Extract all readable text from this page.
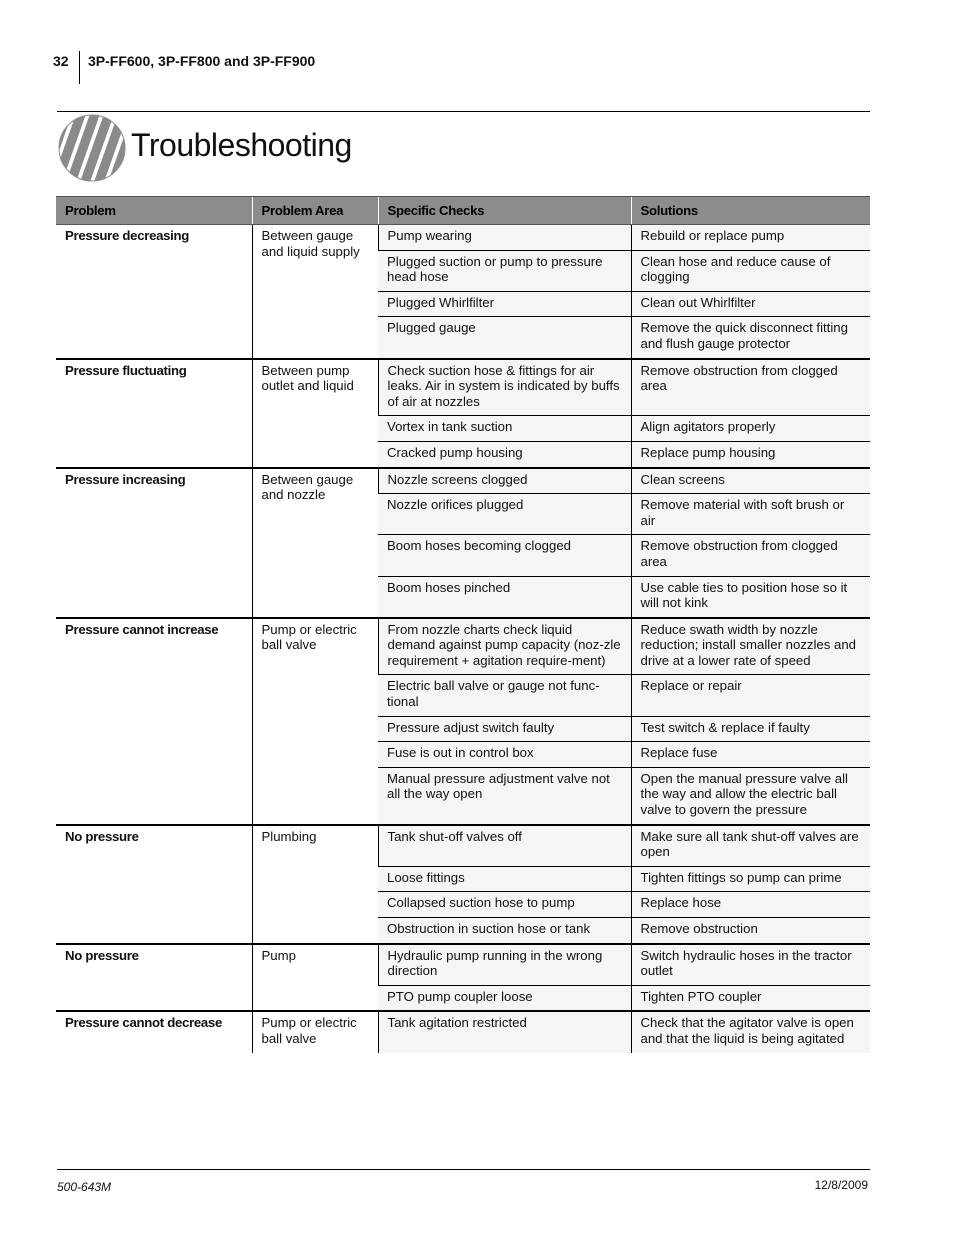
32 3P-FF600, 3P-FF800 and 3P-FF900
Troubleshooting
Problem	Problem Area	Specific Checks	Solutions
Pressure decreasing	Between gauge and liquid supply	Pump wearing	Rebuild or replace pump
		Plugged suction or pump to pressure head hose	Clean hose and reduce cause of clogging
		Plugged Whirlfilter	Clean out Whirlfilter
		Plugged gauge	Remove the quick disconnect fitting and flush gauge protector
Pressure fluctuating	Between pump outlet and liquid	Check suction hose & fittings for air leaks. Air in system is indicated by buffs of air at nozzles	Remove obstruction from clogged area
		Vortex in tank suction	Align agitators properly
		Cracked pump housing	Replace pump housing
Pressure increasing	Between gauge and nozzle	Nozzle screens clogged	Clean screens
		Nozzle orifices plugged	Remove material with soft brush or air
		Boom hoses becoming clogged	Remove obstruction from clogged area
		Boom hoses pinched	Use cable ties to position hose so it will not kink
Pressure cannot increase	Pump or electric ball valve	From nozzle charts check liquid demand against pump capacity (noz-zle requirement + agitation require-ment)	Reduce swath width by nozzle reduction; install smaller nozzles and drive at a lower rate of speed
		Electric ball valve or gauge not func-tional	Replace or repair
		Pressure adjust switch faulty	Test switch & replace if faulty
		Fuse is out in control box	Replace fuse
		Manual pressure adjustment valve not all the way open	Open the manual pressure valve all the way and allow the electric ball valve to govern the pressure
No pressure	Plumbing	Tank shut-off valves off	Make sure all tank shut-off valves are open
		Loose fittings	Tighten fittings so pump can prime
		Collapsed suction hose to pump	Replace hose
		Obstruction in suction hose or tank	Remove obstruction
No pressure	Pump	Hydraulic pump running in the wrong direction	Switch hydraulic hoses in the tractor outlet
		PTO pump coupler loose	Tighten PTO coupler
Pressure cannot decrease	Pump or electric ball valve	Tank agitation restricted	Check that the agitator valve is open and that the liquid is being agitated
500-643M	12/8/2009
